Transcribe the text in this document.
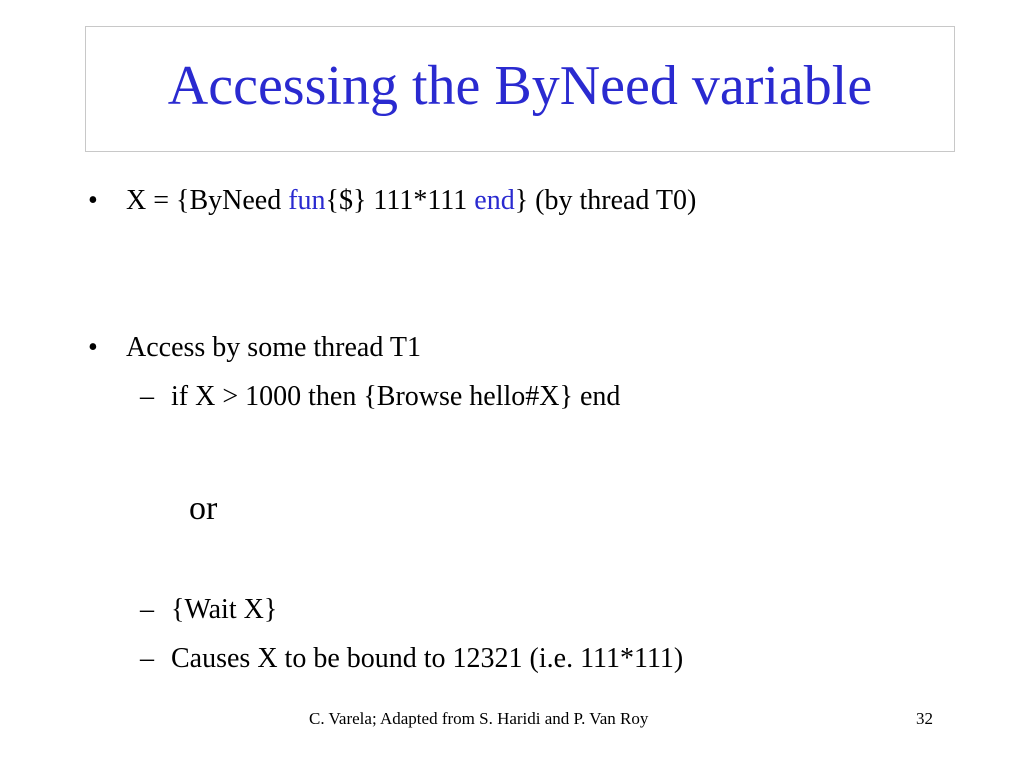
Accessing the ByNeed variable
• X = {ByNeed fun{$} 111*111 end} (by thread T0)
• Access by some thread T1
– if X > 1000 then {Browse hello#X} end
or
– {Wait X}
– Causes X to be bound to 12321 (i.e. 111*111)
C. Varela; Adapted from S. Haridi and P. Van Roy	32
